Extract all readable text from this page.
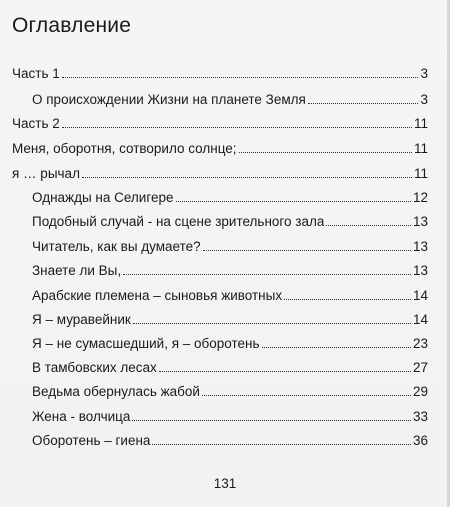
Оглавление
Часть 1	3
О происхождении Жизни на планете Земля	3
Часть 2	11
Меня, оборотня, сотворило солнце;	11
я … рычал	11
Однажды на Селигере	12
Подобный случай - на сцене зрительного зала	13
Читатель, как вы думаете?	13
Знаете ли Вы,	13
Арабские племена – сыновья животных	14
Я – муравейник	14
Я – не сумасшедший, я – оборотень	23
В тамбовских лесах	27
Ведьма обернулась жабой	29
Жена - волчица	33
Оборотень – гиена	36
131
